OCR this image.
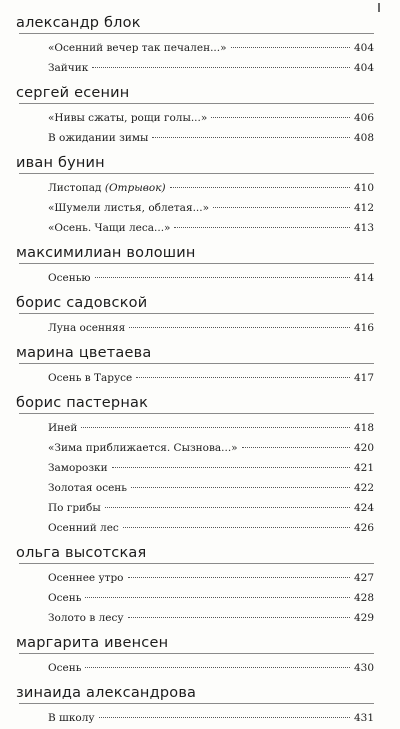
александр блок
«Осенний вечер так печален...»	404
Зайчик	404
сергей есенин
«Нивы сжаты, рощи голы...»	406
В ожидании зимы	408
иван бунин
Листопад (Отрывок)	410
«Шумели листья, облетая...»	412
«Осень. Чащи леса...»	413
максимилиан волошин
Осенью	414
борис садовской
Луна осенняя	416
марина цветаева
Осень в Тарусе	417
борис пастернак
Иней	418
«Зима приближается. Сызнова...»	420
Заморозки	421
Золотая осень	422
По грибы	424
Осенний лес	426
ольга высотская
Осеннее утро	427
Осень	428
Золото в лесу	429
маргарита ивенсен
Осень	430
зинаида александрова
В школу	431
